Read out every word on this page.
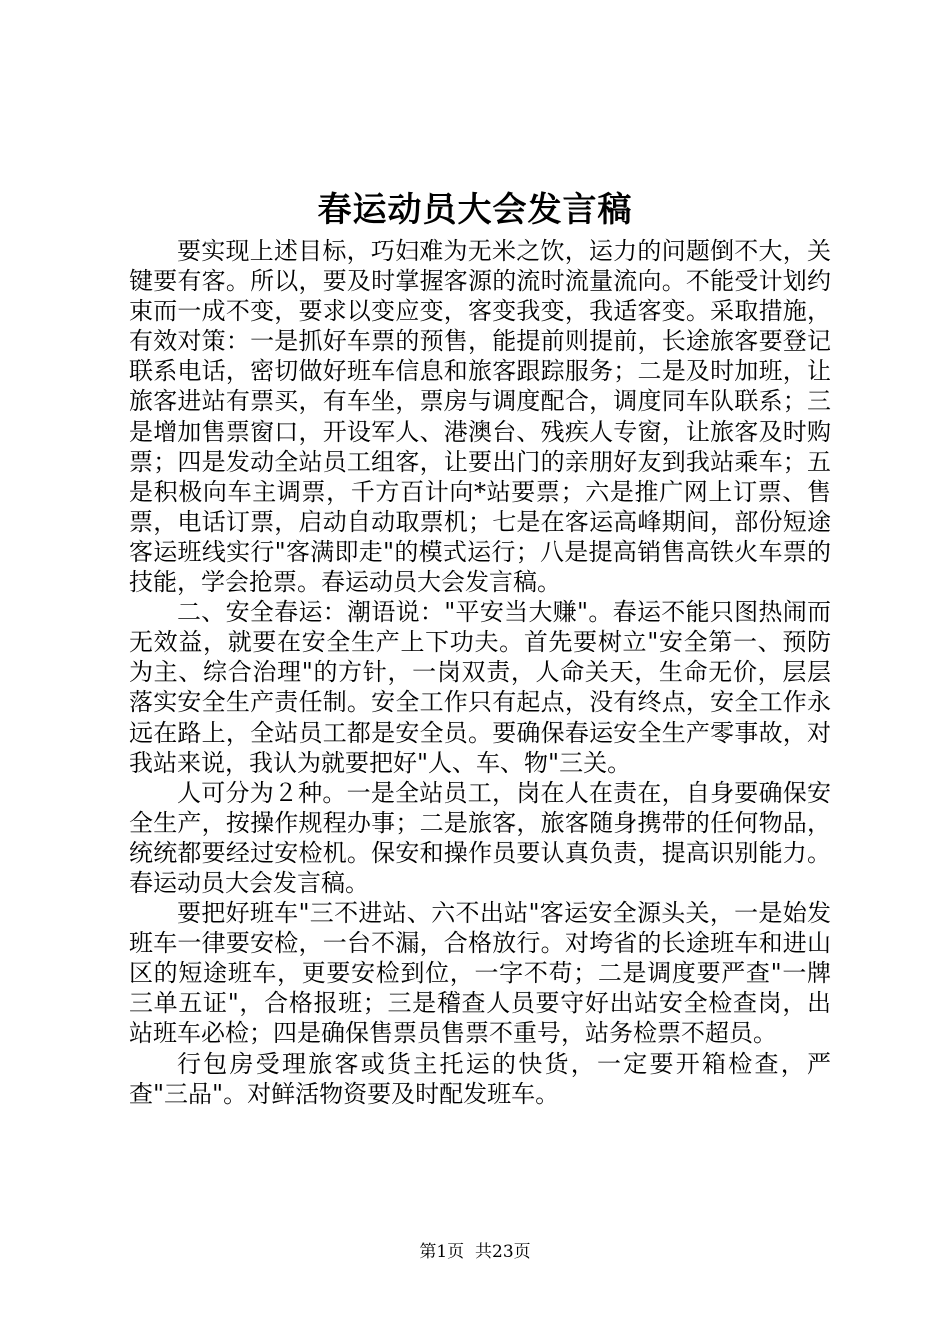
春运动员大会发言稿

要实现上述目标，巧妇难为无米之饮，运力的问题倒不大，关键要有客。所以，要及时掌握客源的流时流量流向。不能受计划约束而一成不变，要求以变应变，客变我变，我适客变。采取措施，有效对策：一是抓好车票的预售，能提前则提前，长途旅客要登记联系电话，密切做好班车信息和旅客跟踪服务；二是及时加班，让旅客进站有票买，有车坐，票房与调度配合，调度同车队联系；三是增加售票窗口，开设军人、港澳台、残疾人专窗，让旅客及时购票；四是发动全站员工组客，让要出门的亲朋好友到我站乘车；五是积极向车主调票，千方百计向*站要票；六是推广网上订票、售票，电话订票，启动自动取票机；七是在客运高峰期间，部份短途客运班线实行"客满即走"的模式运行；八是提高销售高铁火车票的技能，学会抢票。春运动员大会发言稿。

二、安全春运：潮语说："平安当大赚"。春运不能只图热闹而无效益，就要在安全生产上下功夫。首先要树立"安全第一、预防为主、综合治理"的方针，一岗双责，人命关天，生命无价，层层落实安全生产责任制。安全工作只有起点，没有终点，安全工作永远在路上，全站员工都是安全员。要确保春运安全生产零事故，对我站来说，我认为就要把好"人、车、物"三关。

人可分为２种。一是全站员工，岗在人在责在，自身要确保安全生产，按操作规程办事；二是旅客，旅客随身携带的任何物品，统统都要经过安检机。保安和操作员要认真负责，提高识别能力。春运动员大会发言稿。

要把好班车"三不进站、六不出站"客运安全源头关，一是始发班车一律要安检，一台不漏，合格放行。对垮省的长途班车和进山区的短途班车，更要安检到位，一字不苟；二是调度要严查"一牌三单五证"，合格报班；三是稽查人员要守好出站安全检查岗，出站班车必检；四是确保售票员售票不重号，站务检票不超员。

行包房受理旅客或货主托运的快货，一定要开箱检查，严查"三品"。对鲜活物资要及时配发班车。

第1页 共23页
